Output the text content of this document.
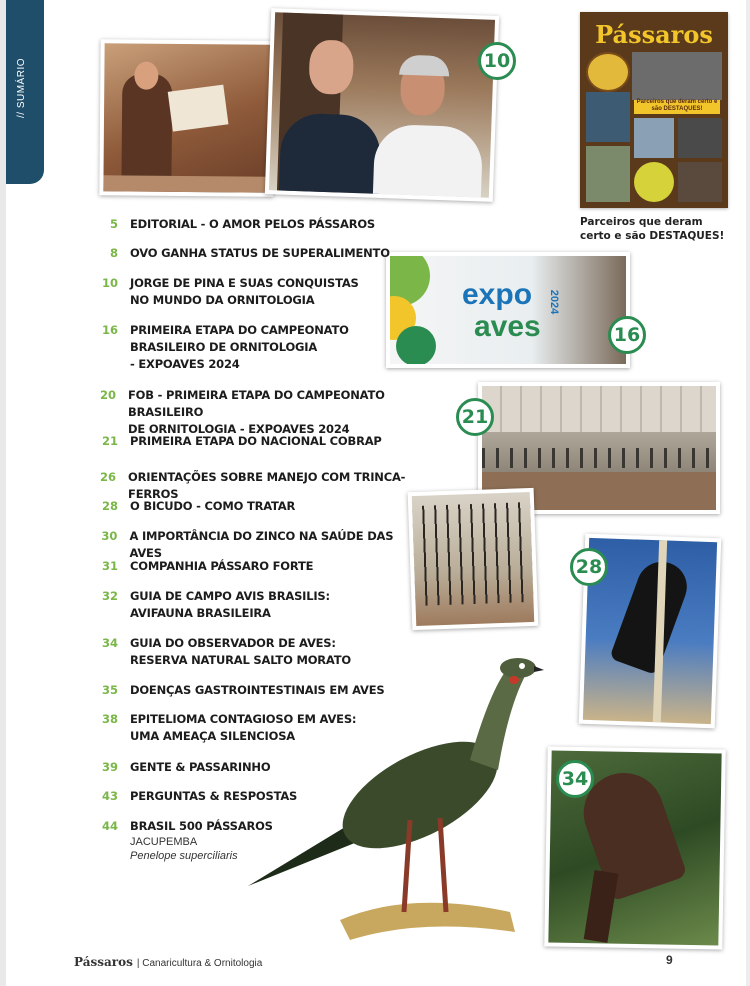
// SUMÁRIO	10
Pássaros
Parceiros que deram certo e são DESTAQUES!
Parceiros que deram
certo e são DESTAQUES!
expo
aves
2024
16
21
28
34
5 EDITORIAL - O AMOR PELOS PÁSSAROS
8 OVO GANHA STATUS DE SUPERALIMENTO
10 JORGE DE PINA E SUAS CONQUISTAS
NO MUNDO DA ORNITOLOGIA
16 PRIMEIRA ETAPA DO CAMPEONATO
BRASILEIRO DE ORNITOLOGIA
- EXPOAVES 2024
20 FOB - PRIMEIRA ETAPA DO CAMPEONATO BRASILEIRO
DE ORNITOLOGIA - EXPOAVES 2024
21 PRIMEIRA ETAPA DO NACIONAL COBRAP
26 ORIENTAÇÕES SOBRE MANEJO COM TRINCA-FERROS
28 O BICUDO - COMO TRATAR
30 A IMPORTÂNCIA DO ZINCO NA SAÚDE DAS AVES
31 COMPANHIA PÁSSARO FORTE
32 GUIA DE CAMPO AVIS BRASILIS:
AVIFAUNA BRASILEIRA
34 GUIA DO OBSERVADOR DE AVES:
RESERVA NATURAL SALTO MORATO
35 DOENÇAS GASTROINTESTINAIS EM AVES
38 EPITELIOMA CONTAGIOSO EM AVES:
UMA AMEAÇA SILENCIOSA
39 GENTE & PASSARINHO
43 PERGUNTAS & RESPOSTAS
44 BRASIL 500 PÁSSAROS
JACUPEMBA
Penelope superciliaris
Pássaros | Canaricultura & Ornitologia	9
